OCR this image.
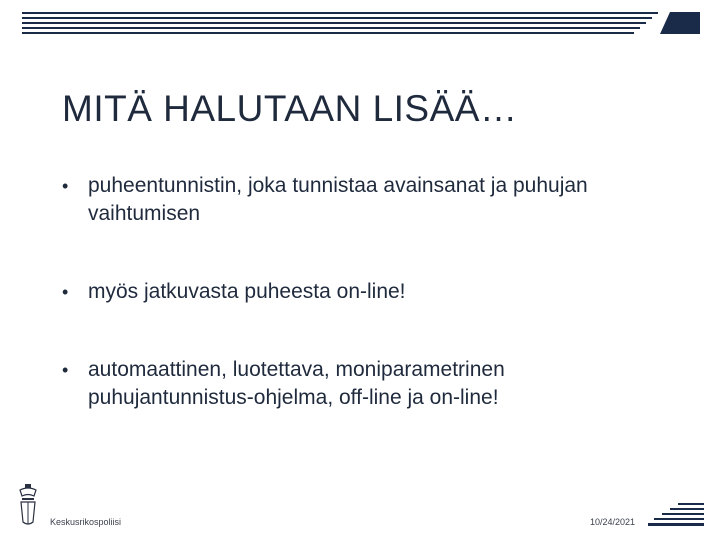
MITÄ HALUTAAN LISÄÄ…
• puheentunnistin, joka tunnistaa avainsanat ja puhujan vaihtumisen
• myös jatkuvasta puheesta on-line!
• automaattinen, luotettava, moniparametrinen puhujantunnistus-ohjelma, off-line ja on-line!
Keskusrikospoliisi	10/24/2021
